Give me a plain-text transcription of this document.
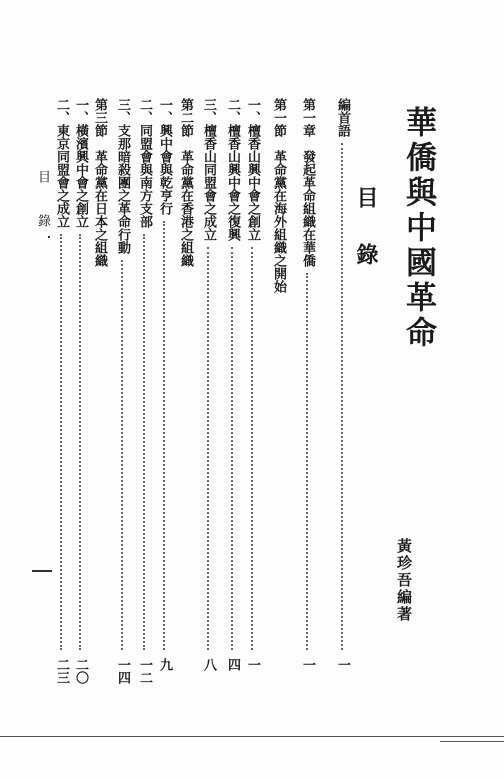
華僑與中國革命
目
錄
黃珍吾編著
目
錄
編首語
一
第一章　發起革命組織在華僑
一
第一節　革命黨在海外組織之開始
一、檀香山興中會之創立
一
二、檀香山興中會之復興
四
三、檀香山同盟會之成立
八
第二節　革命黨在香港之組織
一、興中會與乾亨行
九
二、同盟會與南方支部
一二
三、支那暗殺團之革命行動
一四
第三節　革命黨在日本之組織
一、橫濱興中會之創立
二〇
二、東京同盟會之成立
二三
